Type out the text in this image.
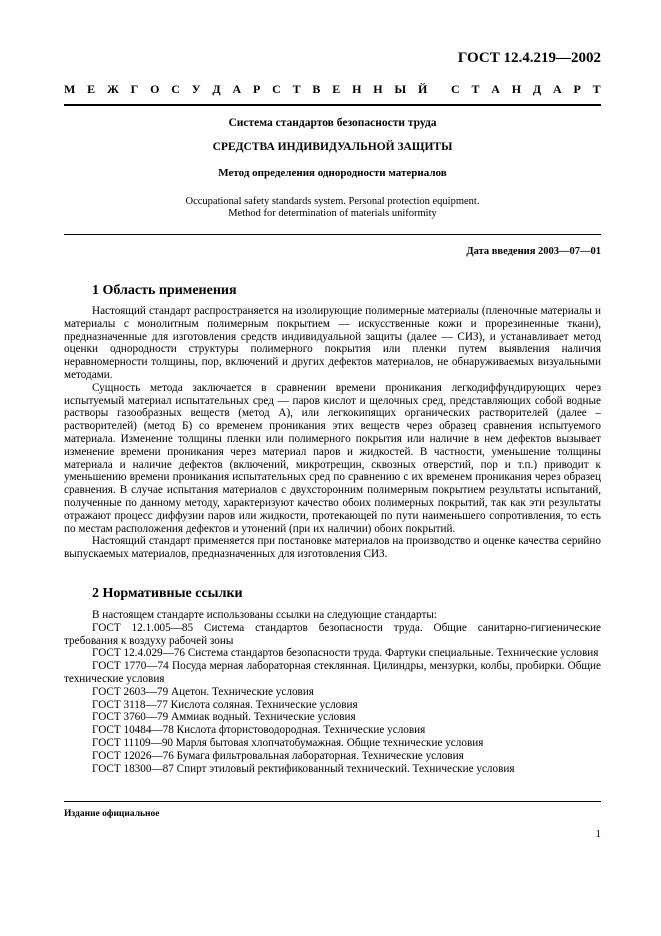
ГОСТ 12.4.219—2002
М Е Ж Г О С У Д А Р С Т В Е Н Н Ы Й С Т А Н Д А Р Т
Система стандартов безопасности труда
СРЕДСТВА ИНДИВИДУАЛЬНОЙ ЗАЩИТЫ
Метод определения однородности материалов
Occupational safety standards system. Personal protection equipment.
Method for determination of materials uniformity
Дата введения 2003—07—01
1 Область применения

Настоящий стандарт распространяется на изолирующие полимерные материалы (пленочные материалы и материалы с монолитным полимерным покрытием — искусственные кожи и прорезиненные ткани), предназначенные для изготовления средств индивидуальной защиты (далее — СИЗ), и устанавливает метод оценки однородности структуры полимерного покрытия или пленки путем выявления наличия неравномерности толщины, пор, включений и других дефектов материалов, не обнаруживаемых визуальными методами.

Сущность метода заключается в сравнении времени проникания легкодиффундирующих через испытуемый материал испытательных сред — паров кислот и щелочных сред, представляющих собой водные растворы газообразных веществ (метод А), или легкокипящих органических растворителей (далее – растворителей) (метод Б) со временем проникания этих веществ через образец сравнения испытуемого материала. Изменение толщины пленки или полимерного покрытия или наличие в нем дефектов вызывает изменение времени проникания через материал паров и жидкостей. В частности, уменьшение толщины материала и наличие дефектов (включений, микротрещин, сквозных отверстий, пор и т.п.) приводит к уменьшению времени проникания испытательных сред по сравнению с их временем проникания через образец сравнения. В случае испытания материалов с двухсторонним полимерным покрытием результаты испытаний, полученные по данному методу, характеризуют качество обоих полимерных покрытий, так как эти результаты отражают процесс диффузии паров или жидкости, протекающей по пути наименьшего сопротивления, то есть по местам расположения дефектов и утонений (при их наличии) обоих покрытий.

Настоящий стандарт применяется при постановке материалов на производство и оценке качества серийно выпускаемых материалов, предназначенных для изготовления СИЗ.

2 Нормативные ссылки
В настоящем стандарте использованы ссылки на следующие стандарты:
ГОСТ 12.1.005—85 Система стандартов безопасности труда. Общие санитарно-гигиенические требования к воздуху рабочей зоны
ГОСТ 12.4.029—76 Система стандартов безопасности труда. Фартуки специальные. Технические условия
ГОСТ 1770—74 Посуда мерная лабораторная стеклянная. Цилиндры, мензурки, колбы, пробирки. Общие технические условия
ГОСТ 2603—79 Ацетон. Технические условия
ГОСТ 3118—77 Кислота соляная. Технические условия
ГОСТ 3760—79 Аммиак водный. Технические условия
ГОСТ 10484—78 Кислота фтористоводородная. Технические условия
ГОСТ 11109—90 Марля бытовая хлопчатобумажная. Общие технические условия
ГОСТ 12026—76 Бумага фильтровальная лабораторная. Технические условия
ГОСТ 18300—87 Спирт этиловый ректификованный технический. Технические условия
Издание официальное
1
